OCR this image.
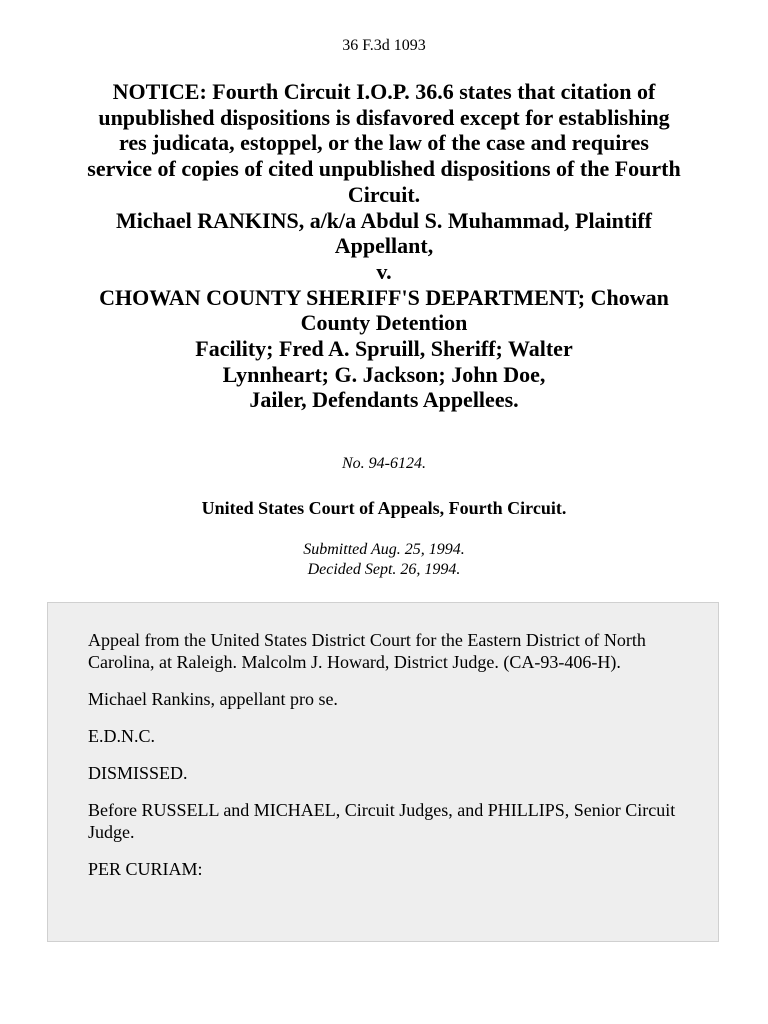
36 F.3d 1093
NOTICE: Fourth Circuit I.O.P. 36.6 states that citation of
unpublished dispositions is disfavored except for establishing
res judicata, estoppel, or the law of the case and requires
service of copies of cited unpublished dispositions of the Fourth
Circuit.
Michael RANKINS, a/k/a Abdul S. Muhammad, Plaintiff
Appellant,
v.
CHOWAN COUNTY SHERIFF'S DEPARTMENT; Chowan
County Detention
Facility; Fred A. Spruill, Sheriff; Walter
Lynnheart; G. Jackson; John Doe,
Jailer, Defendants Appellees.
No. 94-6124.
United States Court of Appeals, Fourth Circuit.
Submitted Aug. 25, 1994.
Decided Sept. 26, 1994.

Appeal from the United States District Court for the Eastern District of North Carolina, at Raleigh. Malcolm J. Howard, District Judge. (CA-93-406-H).

Michael Rankins, appellant pro se.

E.D.N.C.

DISMISSED.

Before RUSSELL and MICHAEL, Circuit Judges, and PHILLIPS, Senior Circuit Judge.

PER CURIAM:
